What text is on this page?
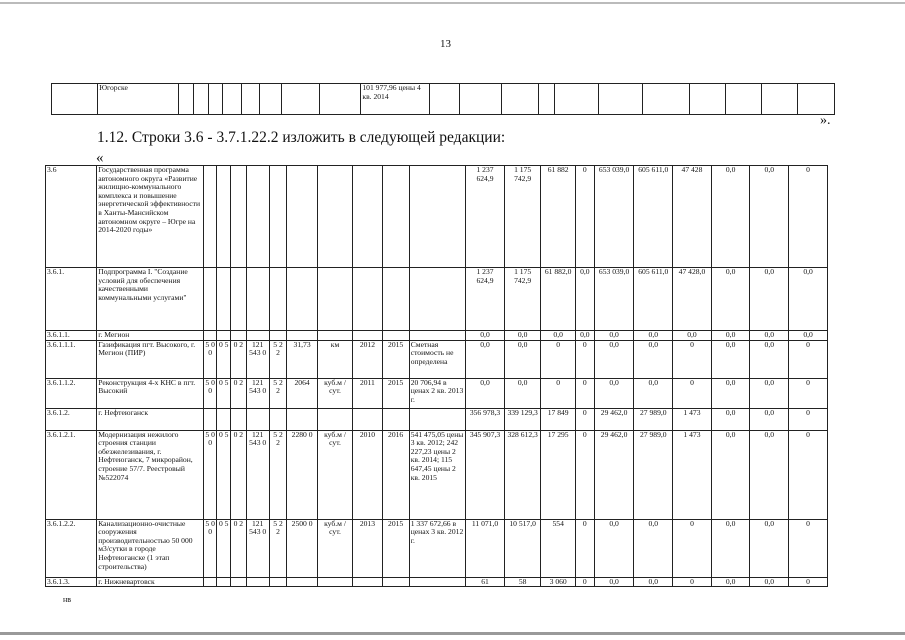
13
	Югорске									101 977,96 цены 4 кв. 2014											
».
1.12. Строки 3.6 - 3.7.1.22.2 изложить в следующей редакции:
«
3.6	Государственная программа автономного округа «Развитие жилищно-коммунального комплекса и повышение энергетической эффективности в Ханты-Мансийском автономном округе – Югре на 2014-2020 годы»											1 237 624,9	1 175 742,9	61 882	0	653 039,0	605 611,0	47 428	0,0	0,0	0
3.6.1.	Подпрограмма I. "Создание условий для обеспечения качественными коммунальными услугами"											1 237 624,9	1 175 742,9	61 882,0	0,0	653 039,0	605 611,0	47 428,0	0,0	0,0	0,0
3.6.1.1.	г. Мегион											0,0	0,0	0,0	0,0	0,0	0,0	0,0	0,0	0,0	0,0
3.6.1.1.1.	Газификация пгт. Высокого, г. Мегион (ПИР)	5 0 0	0 5	0 2	121 543 0	5 2 2	31,73	км	2012	2015	Сметная стоимость не определена	0,0	0,0	0	0	0,0	0,0	0	0,0	0,0	0
3.6.1.1.2.	Реконструкция 4-х КНС в пгт. Высокий	5 0 0	0 5	0 2	121 543 0	5 2 2	2064	куб.м / сут.	2011	2015	20 706,94 в ценах 2 кв. 2013 г.	0,0	0,0	0	0	0,0	0,0	0	0,0	0,0	0
3.6.1.2.	г. Нефтеюганск											356 978,3	339 129,3	17 849	0	29 462,0	27 989,0	1 473	0,0	0,0	0
3.6.1.2.1.	Модернизация нежилого строения станции обезжелезивания, г. Нефтеюганск, 7 микрорайон, строение 57/7. Реестровый №522074	5 0 0	0 5	0 2	121 543 0	5 2 2	2280 0	куб.м / сут.	2010	2016	541 475,05 цены 3 кв. 2012; 242 227,23 цены 2 кв. 2014; 115 647,45 цены 2 кв. 2015	345 907,3	328 612,3	17 295	0	29 462,0	27 989,0	1 473	0,0	0,0	0
3.6.1.2.2.	Канализационно-очистные сооружения производительностью 50 000 м3/сутки в городе Нефтеюганске (1 этап строительства)	5 0 0	0 5	0 2	121 543 0	5 2 2	2500 0	куб.м / сут.	2013	2015	1 337 672,66 в ценах 3 кв. 2012 г.	11 071,0	10 517,0	554	0	0,0	0,0	0	0,0	0,0	0
3.6.1.3.	г. Нижневартовск											61	58	3 060	0	0,0	0,0	0	0,0	0,0	0
нв
